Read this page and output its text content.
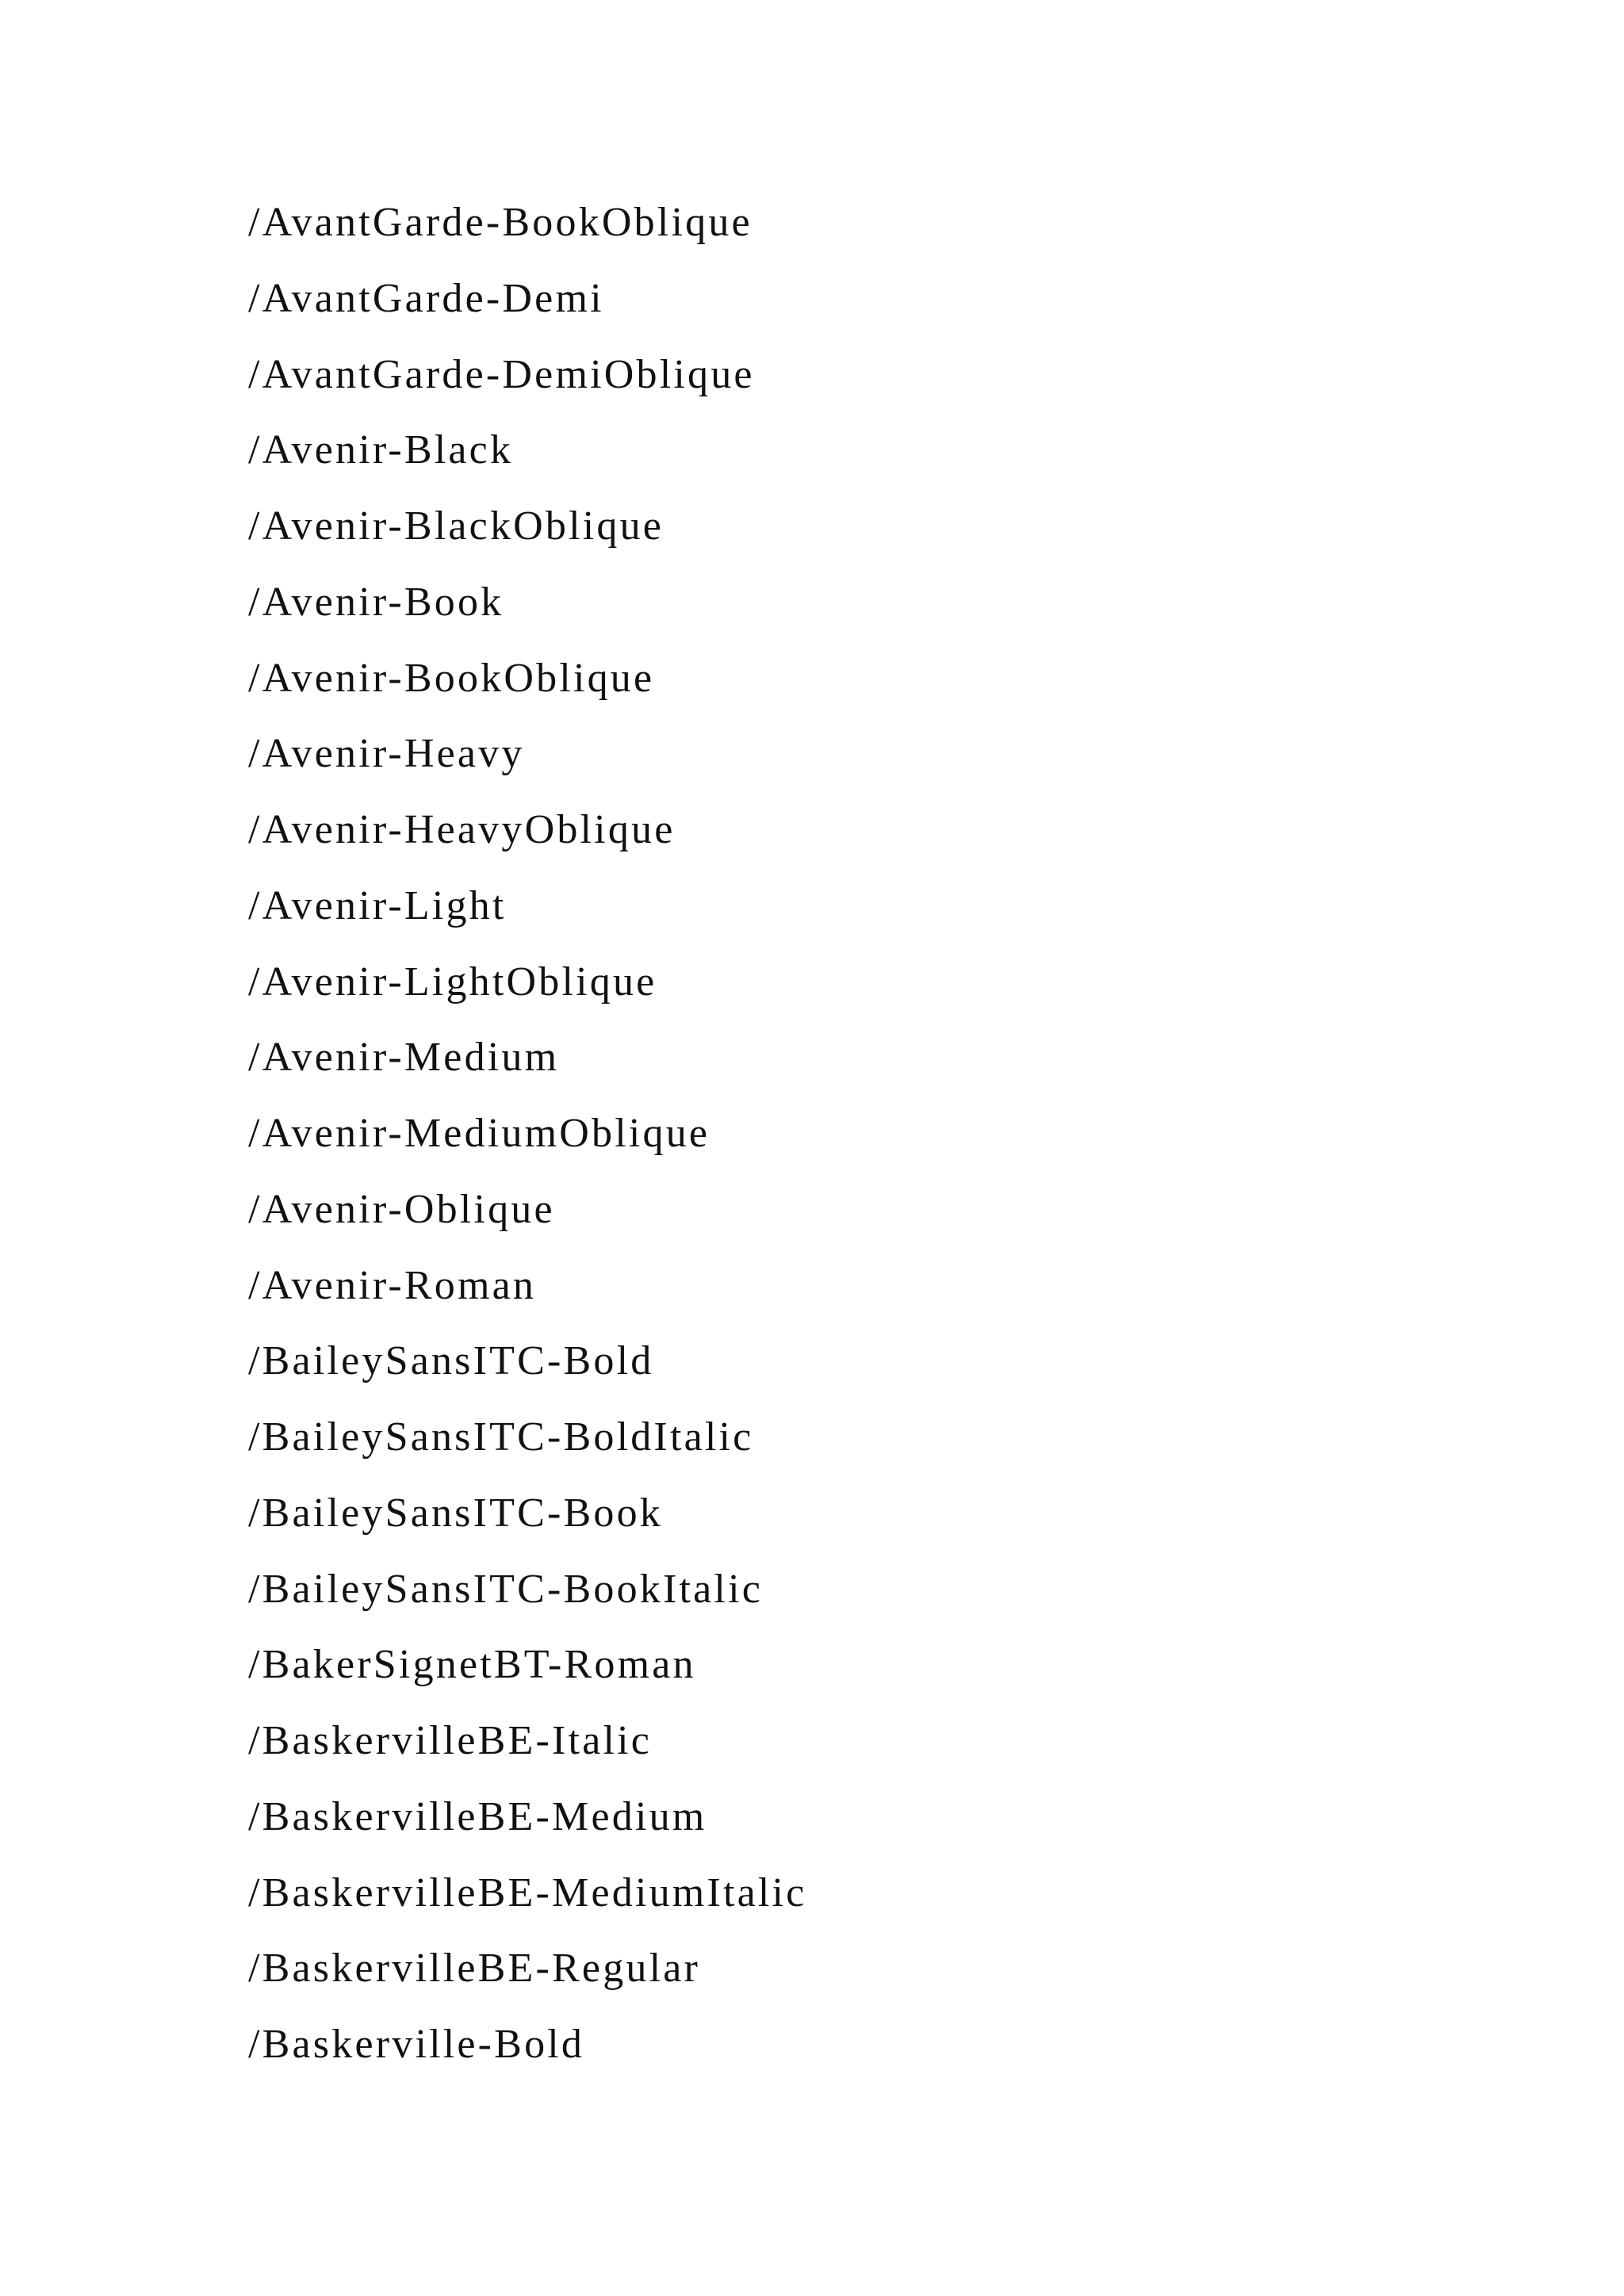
/AvantGarde-BookOblique
/AvantGarde-Demi
/AvantGarde-DemiOblique
/Avenir-Black
/Avenir-BlackOblique
/Avenir-Book
/Avenir-BookOblique
/Avenir-Heavy
/Avenir-HeavyOblique
/Avenir-Light
/Avenir-LightOblique
/Avenir-Medium
/Avenir-MediumOblique
/Avenir-Oblique
/Avenir-Roman
/BaileySansITC-Bold
/BaileySansITC-BoldItalic
/BaileySansITC-Book
/BaileySansITC-BookItalic
/BakerSignetBT-Roman
/BaskervilleBE-Italic
/BaskervilleBE-Medium
/BaskervilleBE-MediumItalic
/BaskervilleBE-Regular
/Baskerville-Bold
